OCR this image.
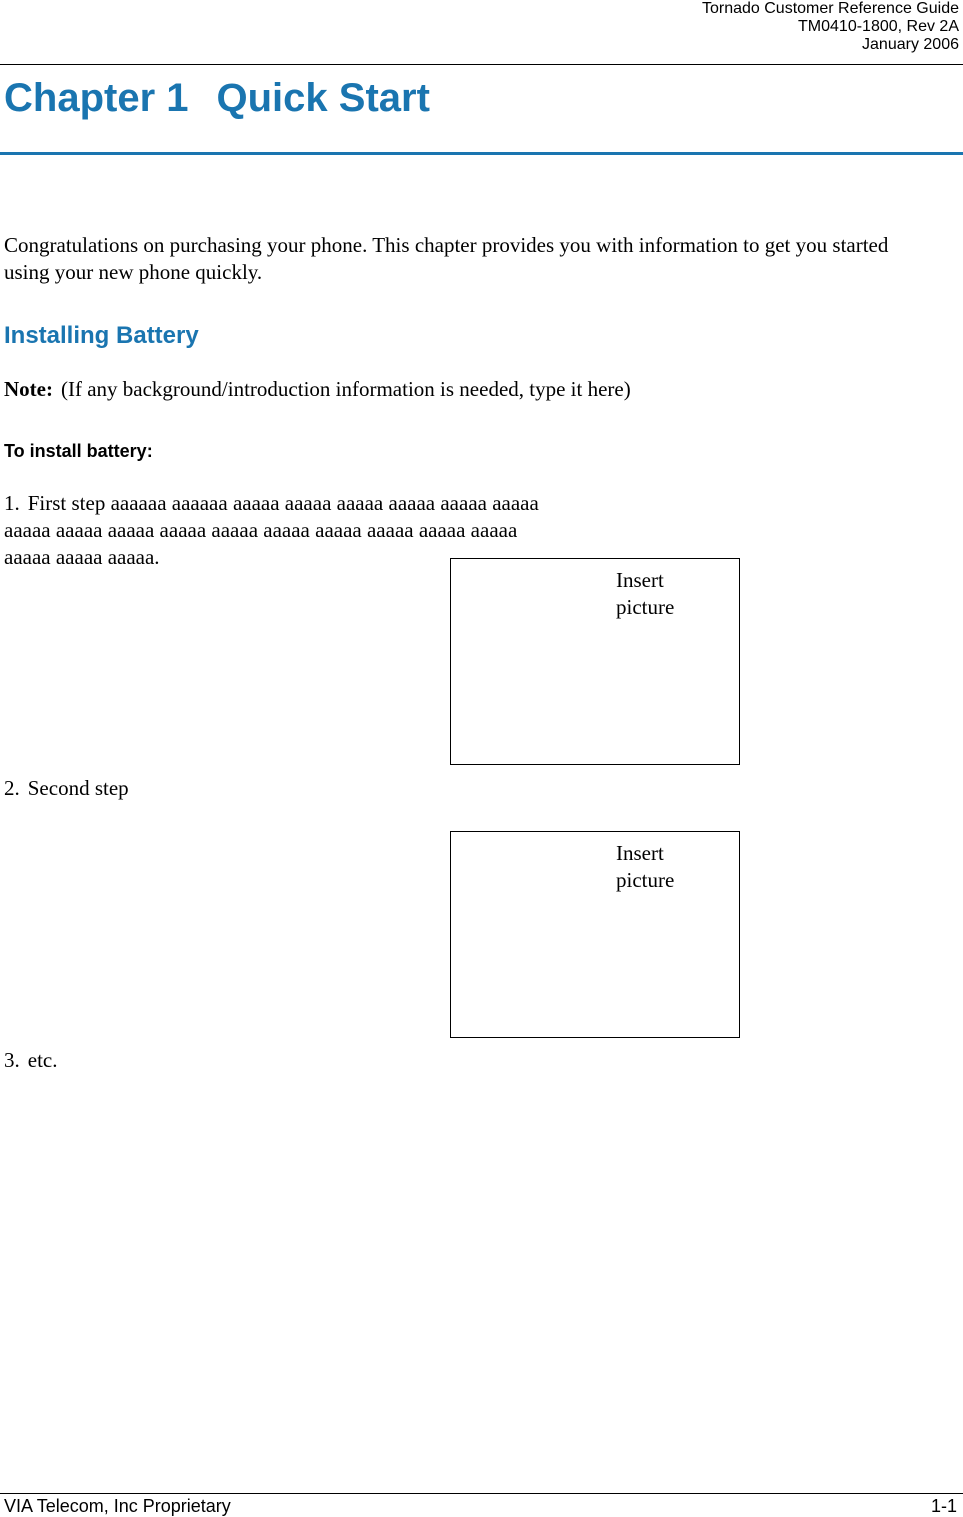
Tornado Customer Reference Guide
TM0410-1800, Rev 2A
January 2006
Chapter 1 Quick Start

Congratulations on purchasing your phone. This chapter provides you with information to get you started using your new phone quickly.

Installing Battery

Note: (If any background/introduction information is needed, type it here)

To install battery:

1. First step aaaaaa aaaaaa aaaaa aaaaa aaaaa aaaaa aaaaa aaaaa aaaaa aaaaa aaaaa aaaaa aaaaa aaaaa aaaaa aaaaa aaaaa aaaaa aaaaa aaaaa aaaaa.

Insert
picture

2. Second step

Insert
picture

3. etc.

VIA Telecom, Inc Proprietary	1-1
